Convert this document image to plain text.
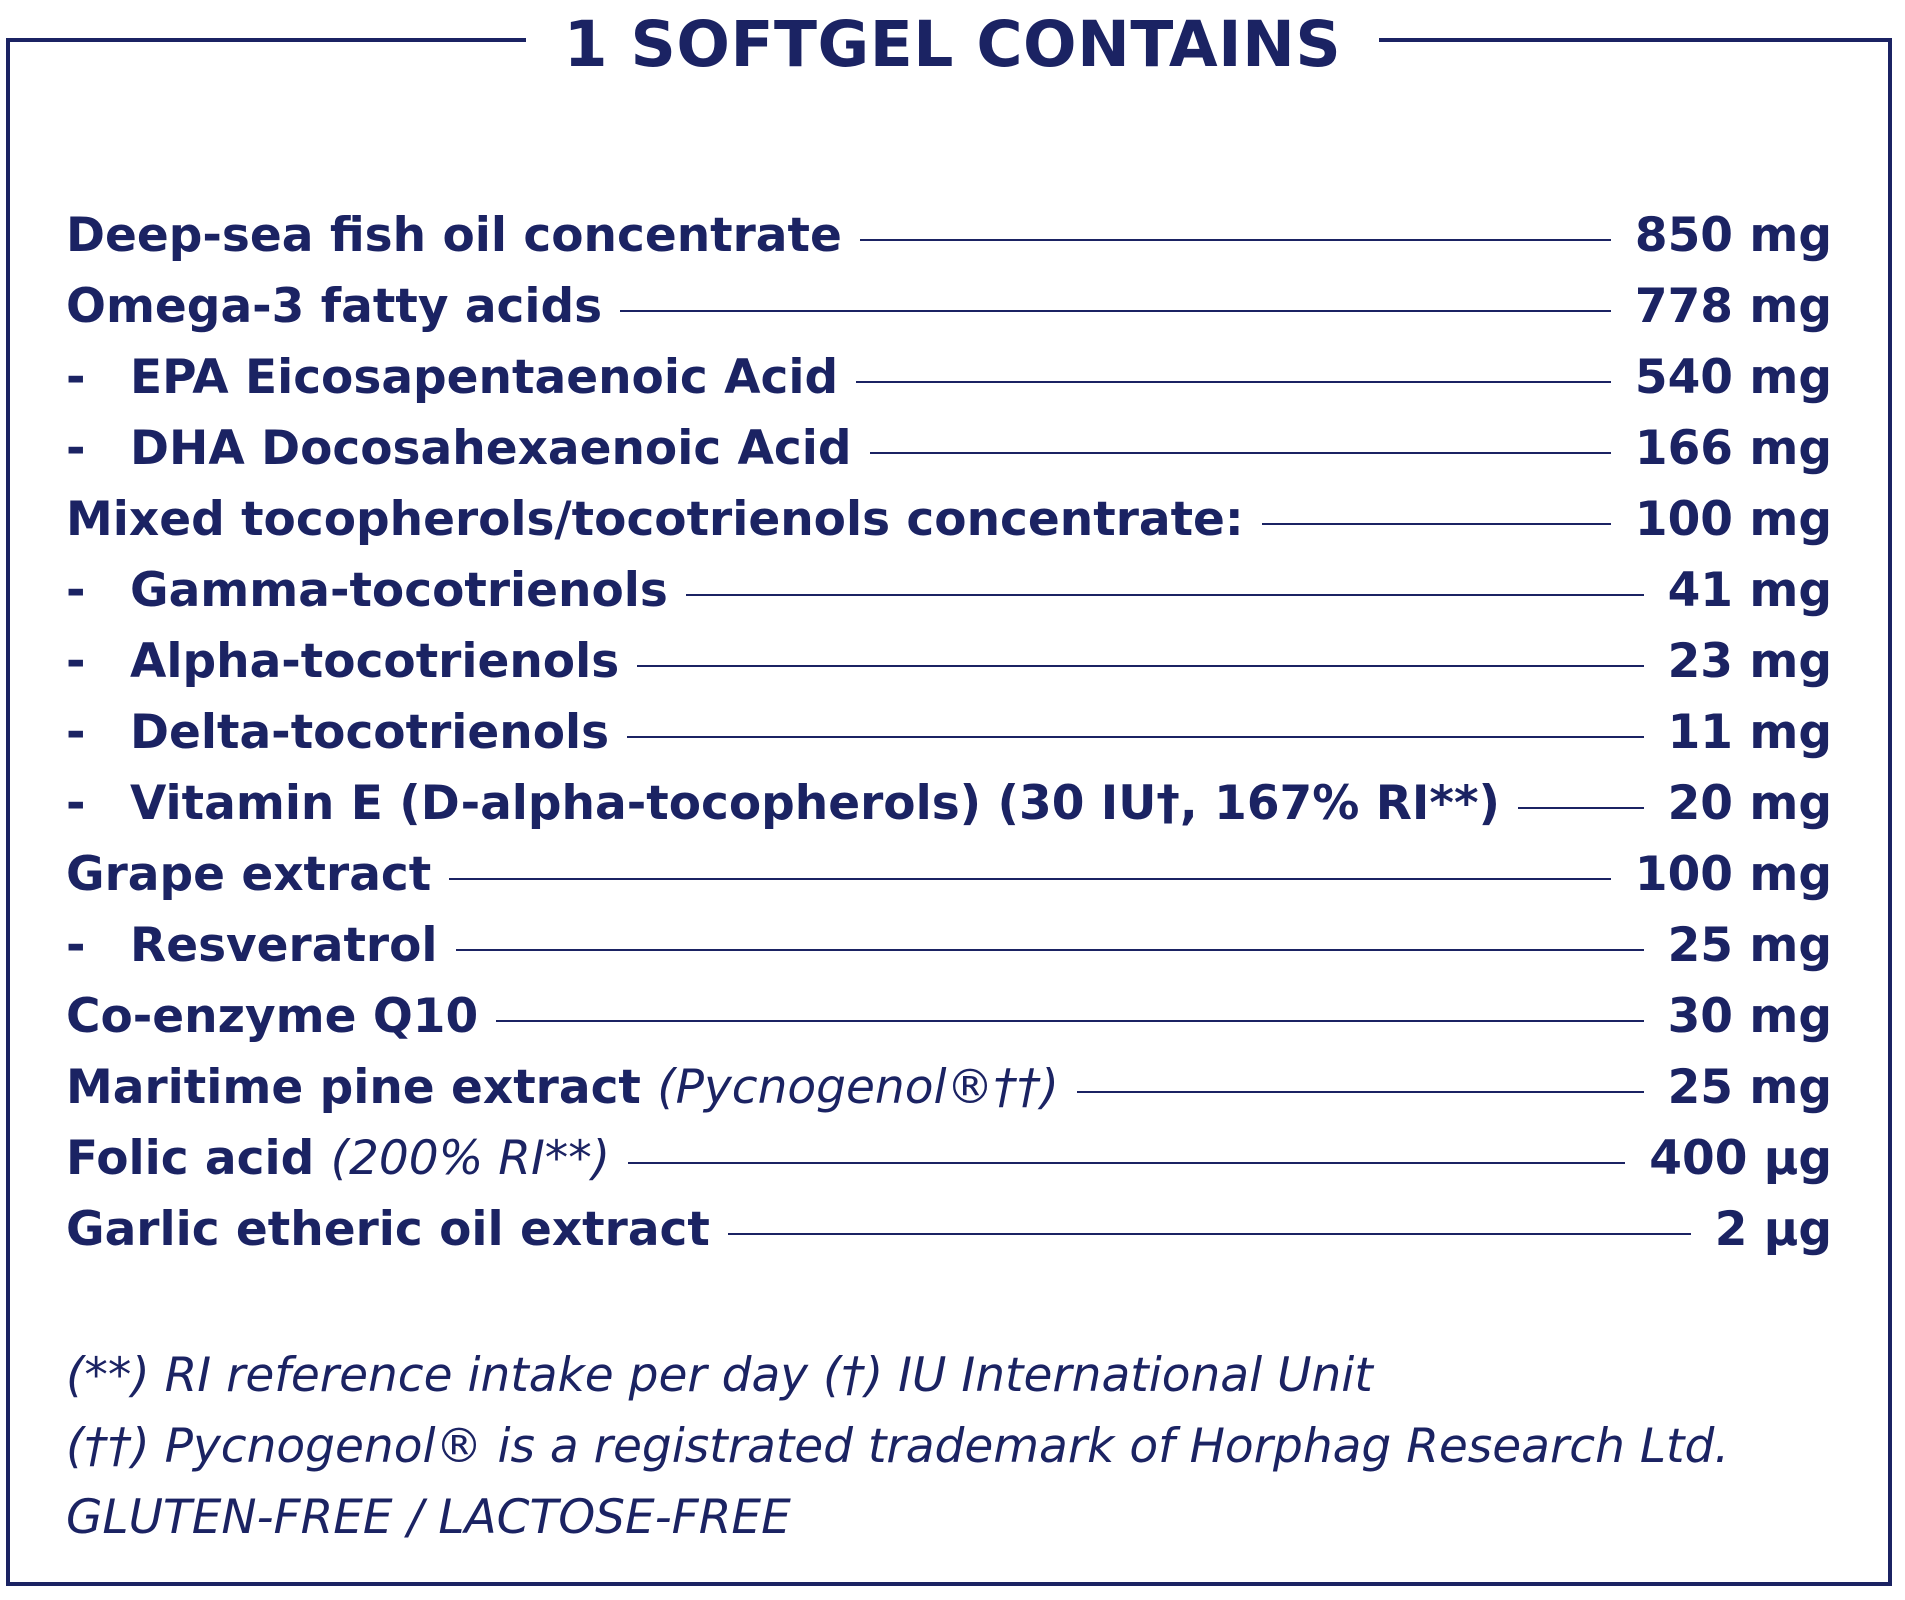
1 SOFTGEL CONTAINS
Deep-sea fish oil concentrate	850 mg
Omega-3 fatty acids	778 mg
- EPA Eicosapentaenoic Acid	540 mg
- DHA Docosahexaenoic Acid	166 mg
Mixed tocopherols/tocotrienols concentrate:	100 mg
- Gamma-tocotrienols	41 mg
- Alpha-tocotrienols	23 mg
- Delta-tocotrienols	11 mg
- Vitamin E (D-alpha-tocopherols) (30 IU†, 167% RI**)	20 mg
Grape extract	100 mg
- Resveratrol	25 mg
Co-enzyme Q10	30 mg
Maritime pine extract (Pycnogenol®††)	25 mg
Folic acid (200% RI**)	400 µg
Garlic etheric oil extract	2 µg
(**) RI reference intake per day (†) IU International Unit
(††) Pycnogenol® is a registrated trademark of Horphag Research Ltd.
GLUTEN-FREE / LACTOSE-FREE
